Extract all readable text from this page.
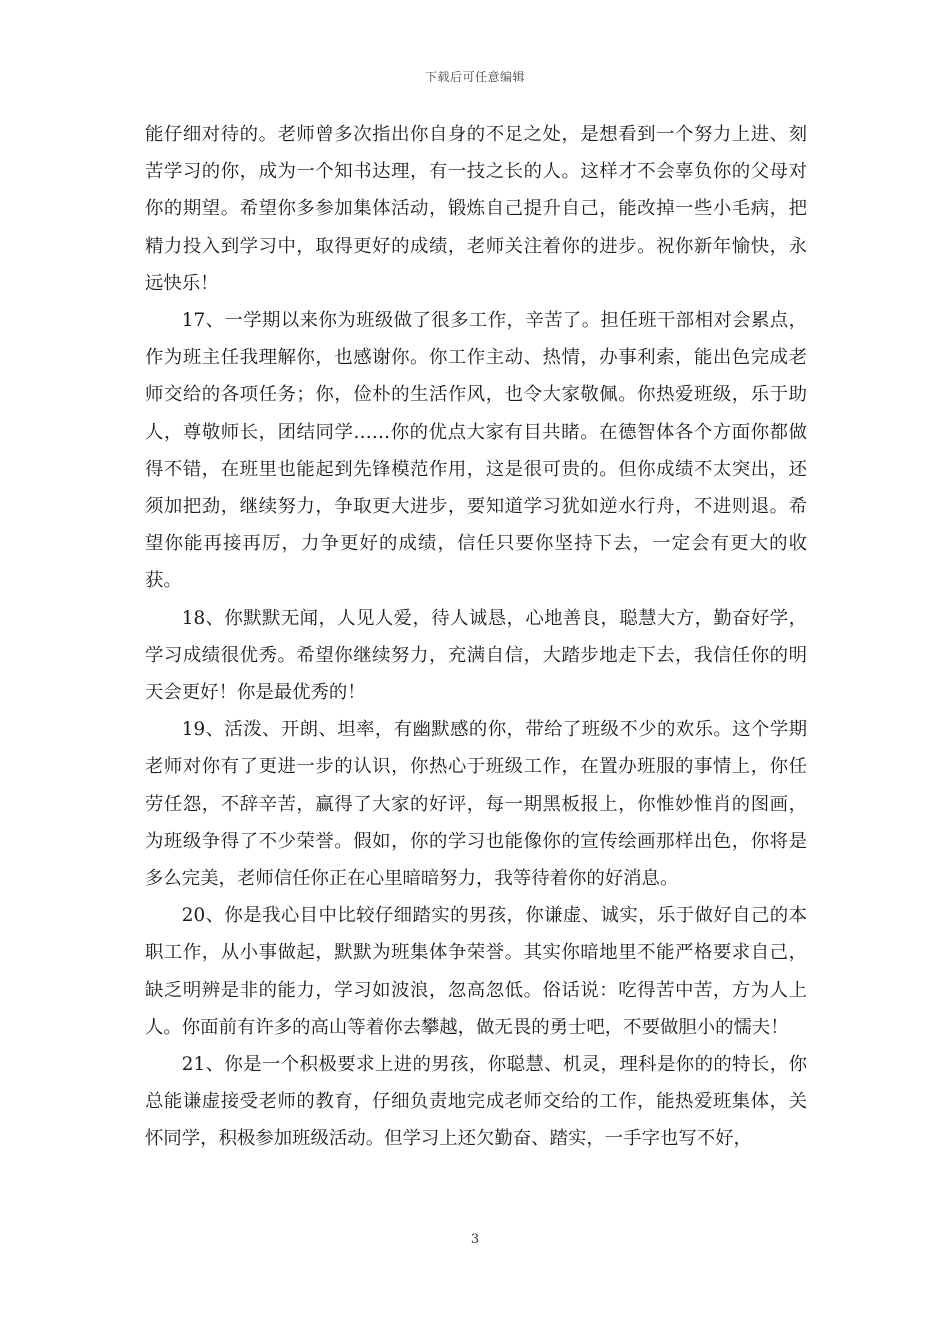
下载后可任意编辑

能仔细对待的。老师曾多次指出你自身的不足之处，是想看到一个努力上进、刻苦学习的你，成为一个知书达理，有一技之长的人。这样才不会辜负你的父母对你的期望。希望你多参加集体活动，锻炼自己提升自己，能改掉一些小毛病，把精力投入到学习中，取得更好的成绩，老师关注着你的进步。祝你新年愉快，永远快乐！

17、一学期以来你为班级做了很多工作，辛苦了。担任班干部相对会累点，作为班主任我理解你，也感谢你。你工作主动、热情，办事利索，能出色完成老师交给的各项任务；你，俭朴的生活作风，也令大家敬佩。你热爱班级，乐于助人，尊敬师长，团结同学……你的优点大家有目共睹。在德智体各个方面你都做得不错，在班里也能起到先锋模范作用，这是很可贵的。但你成绩不太突出，还须加把劲，继续努力，争取更大进步，要知道学习犹如逆水行舟，不进则退。希望你能再接再厉，力争更好的成绩，信任只要你坚持下去，一定会有更大的收获。

18、你默默无闻，人见人爱，待人诚恳，心地善良，聪慧大方，勤奋好学，学习成绩很优秀。希望你继续努力，充满自信，大踏步地走下去，我信任你的明天会更好！你是最优秀的！

19、活泼、开朗、坦率，有幽默感的你，带给了班级不少的欢乐。这个学期老师对你有了更进一步的认识，你热心于班级工作，在置办班服的事情上，你任劳任怨，不辞辛苦，赢得了大家的好评，每一期黑板报上，你惟妙惟肖的图画，为班级争得了不少荣誉。假如，你的学习也能像你的宣传绘画那样出色，你将是多么完美，老师信任你正在心里暗暗努力，我等待着你的好消息。

20、你是我心目中比较仔细踏实的男孩，你谦虚、诚实，乐于做好自己的本职工作，从小事做起，默默为班集体争荣誉。其实你暗地里不能严格要求自己，缺乏明辨是非的能力，学习如波浪，忽高忽低。俗话说：吃得苦中苦，方为人上人。你面前有许多的高山等着你去攀越，做无畏的勇士吧，不要做胆小的懦夫！

21、你是一个积极要求上进的男孩，你聪慧、机灵，理科是你的的特长，你总能谦虚接受老师的教育，仔细负责地完成老师交给的工作，能热爱班集体，关怀同学，积极参加班级活动。但学习上还欠勤奋、踏实，一手字也写不好，

3
